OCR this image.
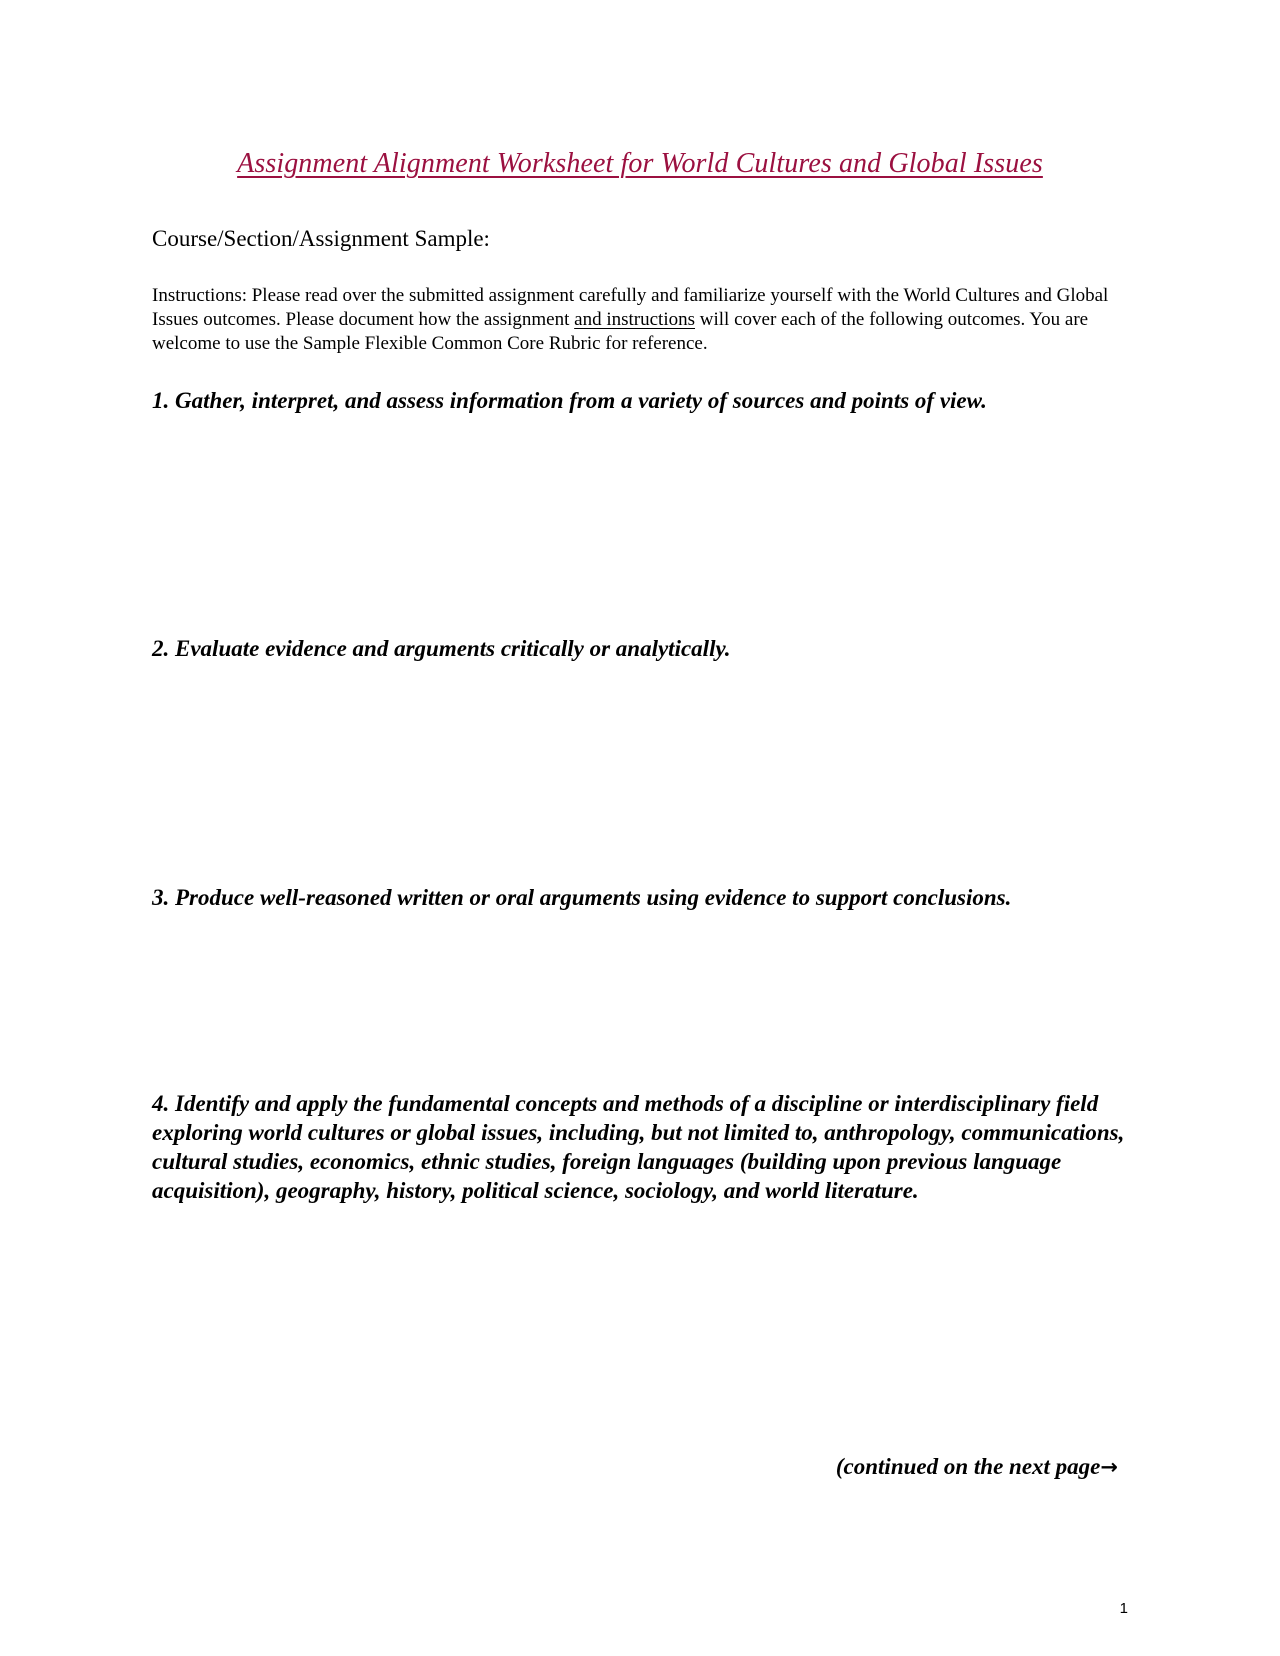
Assignment Alignment Worksheet for World Cultures and Global Issues
Course/Section/Assignment Sample:
Instructions: Please read over the submitted assignment carefully and familiarize yourself with the World Cultures and Global Issues outcomes. Please document how the assignment and instructions will cover each of the following outcomes. You are welcome to use the Sample Flexible Common Core Rubric for reference.
1. Gather, interpret, and assess information from a variety of sources and points of view.
2. Evaluate evidence and arguments critically or analytically.
3. Produce well-reasoned written or oral arguments using evidence to support conclusions.
4. Identify and apply the fundamental concepts and methods of a discipline or interdisciplinary field exploring world cultures or global issues, including, but not limited to, anthropology, communications, cultural studies, economics, ethnic studies, foreign languages (building upon previous language acquisition), geography, history, political science, sociology, and world literature.
(continued on the next page→
1
